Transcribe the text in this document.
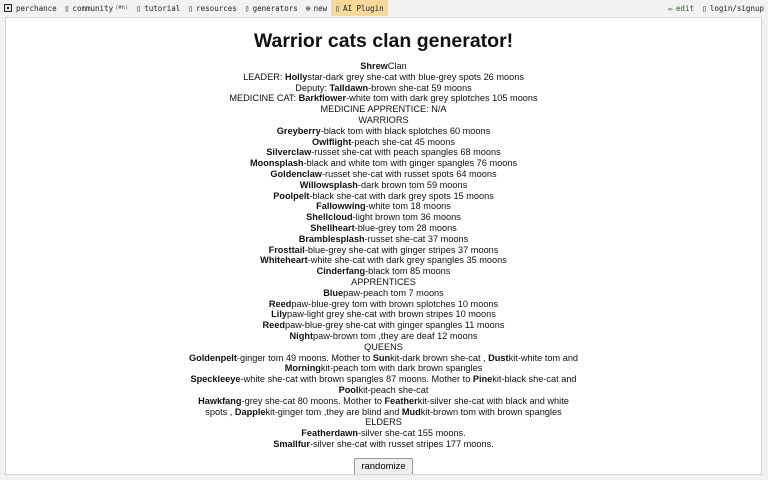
perchance ▯ community (#h) ▯ tutorial ▯ resources ▯ generators ⊕ new ▯ AI Plugin	✏ edit ▯ login/signup
Warrior cats clan generator!
ShrewClan
LEADER: Hollystar-dark grey she-cat with blue-grey spots 26 moons
Deputy: Talldawn-brown she-cat 59 moons
MEDICINE CAT: Barkflower-white tom with dark grey splotches 105 moons
MEDICINE APPRENTICE: N/A
WARRIORS
Greyberry-black tom with black splotches 60 moons
Owlflight-peach she-cat 45 moons
Silverclaw-russet she-cat with peach spangles 68 moons
Moonsplash-black and white tom with ginger spangles 76 moons
Goldenclaw-russet she-cat with russet spots 64 moons
Willowsplash-dark brown tom 59 moons
Poolpelt-black she-cat with dark grey spots 15 moons
Fallowwing-white tom 18 moons
Shellcloud-light brown tom 36 moons
Shellheart-blue-grey tom 28 moons
Bramblesplash-russet she-cat 37 moons
Frosttail-blue-grey she-cat with ginger stripes 37 moons
Whiteheart-white she-cat with dark grey spangles 35 moons
Cinderfang-black tom 85 moons
APPRENTICES
Bluepaw-peach tom 7 moons
Reedpaw-blue-grey tom with brown splotches 10 moons
Lilypaw-light grey she-cat with brown stripes 10 moons
Reedpaw-blue-grey she-cat with ginger spangles 11 moons
Nightpaw-brown tom ,they are deaf 12 moons
QUEENS
Goldenpelt-ginger tom 49 moons. Mother to Sunkit-dark brown she-cat , Dustkit-white tom and Morningkit-peach tom with dark brown spangles
Speckleeye-white she-cat with brown spangles 87 moons. Mother to Pinekit-black she-cat and Poolkit-peach she-cat
Hawkfang-grey she-cat 80 moons. Mother to Featherkit-silver she-cat with black and white spots , Dapplekit-ginger tom ,they are blind and Mudkit-brown tom with brown spangles
ELDERS
Featherdawn-silver she-cat 155 moons.
Smallfur-silver she-cat with russet stripes 177 moons.
randomize
